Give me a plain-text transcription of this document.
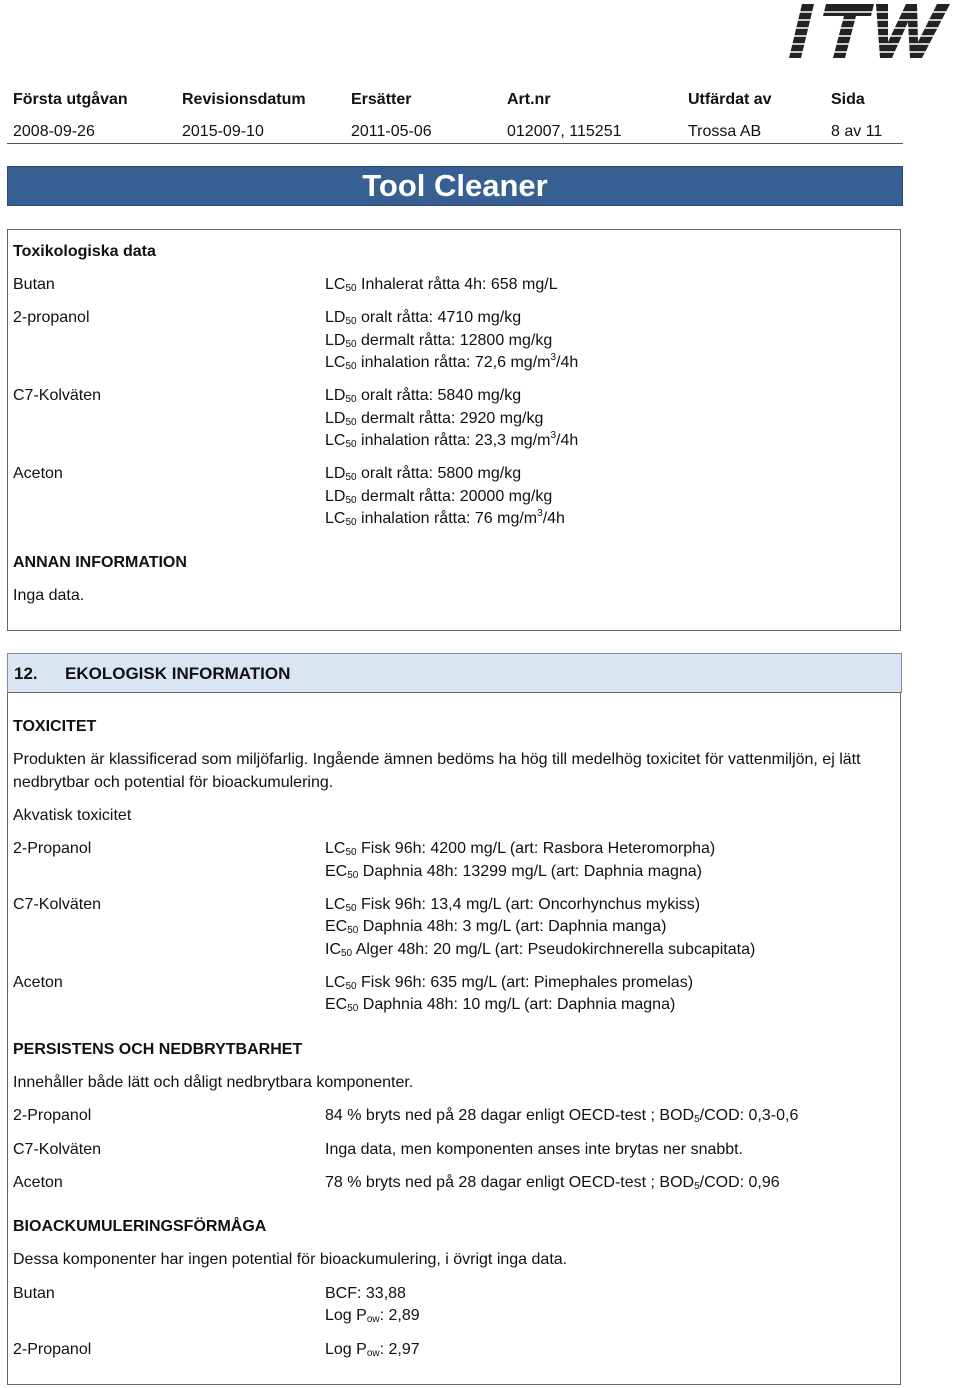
Första utgåvan	Revisionsdatum	Ersätter	Art.nr	Utfärdat av	Sida
2008-09-26	2015-09-10	2011-05-06	012007, 115251	Trossa AB	8 av 11
Tool Cleaner
Toxikologiska data
Butan	$LC_{50}$ Inhalerat råtta 4h: 658 mg/L
2-propanol	$LD_{50}$ oralt råtta: 4710 mg/kg
$LD_{50}$ dermalt råtta: 12800 mg/kg
$LC_{50}$ inhalation råtta: 72,6 $mg/m^3/4h$
C7-Kolväten	$LD_{50}$ oralt råtta: 5840 mg/kg
$LD_{50}$ dermalt råtta: 2920 mg/kg
$LC_{50}$ inhalation råtta: 23,3 $mg/m^3/4h$
Aceton	$LD_{50}$ oralt råtta: 5800 mg/kg
$LD_{50}$ dermalt råtta: 20000 mg/kg
$LC_{50}$ inhalation råtta: 76 $mg/m^3/4h$
ANNAN INFORMATION
Inga data.
12. EKOLOGISK INFORMATION
TOXICITET
Produkten är klassificerad som miljöfarlig. Ingående ämnen bedöms ha hög till medelhög toxicitet för vattenmiljön, ej lätt nedbrytbar och potential för bioackumulering.
Akvatisk toxicitet
2-Propanol	$LC_{50}$ Fisk 96h: 4200 mg/L (art: Rasbora Heteromorpha)
$EC_{50}$ Daphnia 48h: 13299 mg/L (art: Daphnia magna)
C7-Kolväten	$LC_{50}$ Fisk 96h: 13,4 mg/L (art: Oncorhynchus mykiss)
$EC_{50}$ Daphnia 48h: 3 mg/L (art: Daphnia manga)
$IC_{50}$ Alger 48h: 20 mg/L (art: Pseudokirchnerella subcapitata)
Aceton	$LC_{50}$ Fisk 96h: 635 mg/L (art: Pimephales promelas)
$EC_{50}$ Daphnia 48h: 10 mg/L (art: Daphnia magna)
PERSISTENS OCH NEDBRYTBARHET
Innehåller både lätt och dåligt nedbrytbara komponenter.
2-Propanol	84 % bryts ned på 28 dagar enligt OECD-test ; $BOD_5$/COD: 0,3-0,6
C7-Kolväten	Inga data, men komponenten anses inte brytas ner snabbt.
Aceton	78 % bryts ned på 28 dagar enligt OECD-test ; $BOD_5$/COD: 0,96
BIOACKUMULERINGSFÖRMÅGA
Dessa komponenter har ingen potential för bioackumulering, i övrigt inga data.
Butan	BCF: 33,88
Log $P_{ow}$: 2,89
2-Propanol	Log $P_{ow}$: 2,97
